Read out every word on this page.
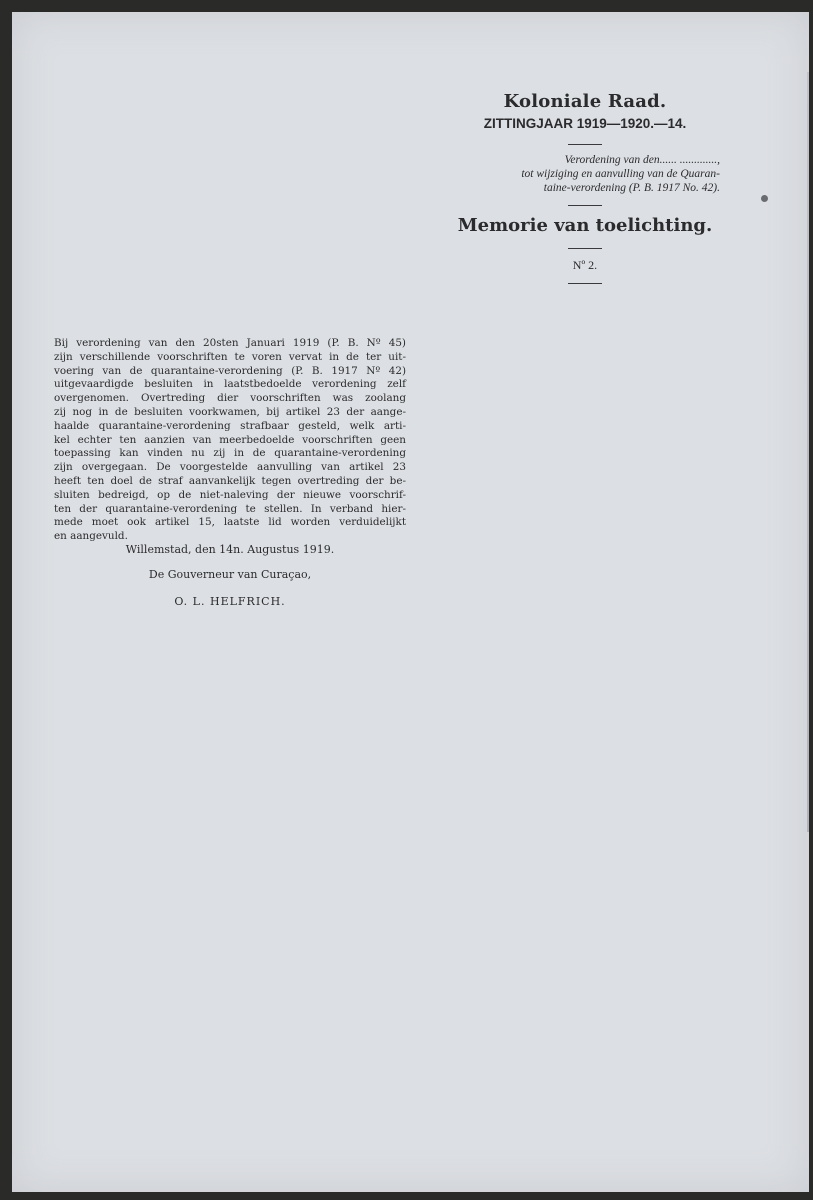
Koloniale Raad.

ZITTINGJAAR 1919—1920.—14.

Verordening van den...... .............,
tot wijziging en aanvulling van de Quaran-
taine-verordening (P. B. 1917 No. 42).

Memorie van toelichting.

Nº 2.

Bij verordening van den 20sten Januari 1919 (P. B. Nº 45)
zijn verschillende voorschriften te voren vervat in de ter uit-
voering van de quarantaine-verordening (P. B. 1917 Nº 42)
uitgevaardigde besluiten in laatstbedoelde verordening zelf
overgenomen. Overtreding dier voorschriften was zoolang
zij nog in de besluiten voorkwamen, bij artikel 23 der aange-
haalde quarantaine-verordening strafbaar gesteld, welk arti-
kel echter ten aanzien van meerbedoelde voorschriften geen
toepassing kan vinden nu zij in de quarantaine-verordening
zijn overgegaan. De voorgestelde aanvulling van artikel 23
heeft ten doel de straf aanvankelijk tegen overtreding der be-
sluiten bedreigd, op de niet-naleving der nieuwe voorschrif-
ten der quarantaine-verordening te stellen. In verband hier-
mede moet ook artikel 15, laatste lid worden verduidelijkt
en aangevuld.
Willemstad, den 14n. Augustus 1919.
De Gouverneur van Curaçao,
O. L. HELFRICH.
